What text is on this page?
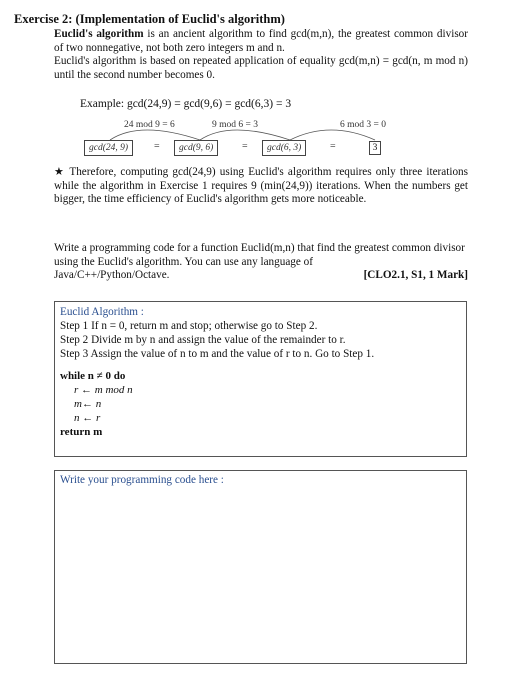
Exercise 2: (Implementation of Euclid's algorithm)
Euclid's algorithm is an ancient algorithm to find gcd(m,n), the greatest common divisor of two nonnegative, not both zero integers m and n.
Euclid's algorithm is based on repeated application of equality gcd(m,n) = gcd(n, m mod n) until the second number becomes 0.
Example: gcd(24,9) = gcd(9,6) = gcd(6,3) = 3
24 mod 9 = 6	9 mod 6 = 3	6 mod 3 = 0
gcd(24, 9)	=	gcd(9, 6)	=	gcd(6, 3)	=	3
★ Therefore, computing gcd(24,9) using Euclid's algorithm requires only three iterations while the algorithm in Exercise 1 requires 9 (min(24,9)) iterations. When the numbers get bigger, the time efficiency of Euclid's algorithm gets more noticeable.
Write a programming code for a function Euclid(m,n) that find the greatest common divisor using the Euclid's algorithm. You can use any language of
Java/C++/Python/Octave.	[CLO2.1, S1, 1 Mark]
Euclid Algorithm :
Step 1 If n = 0, return m and stop; otherwise go to Step 2.
Step 2 Divide m by n and assign the value of the remainder to r.
Step 3 Assign the value of n to m and the value of r to n. Go to Step 1.
while n ≠ 0 do
r ← m mod n
m← n
n ← r
return m
Write your programming code here :
